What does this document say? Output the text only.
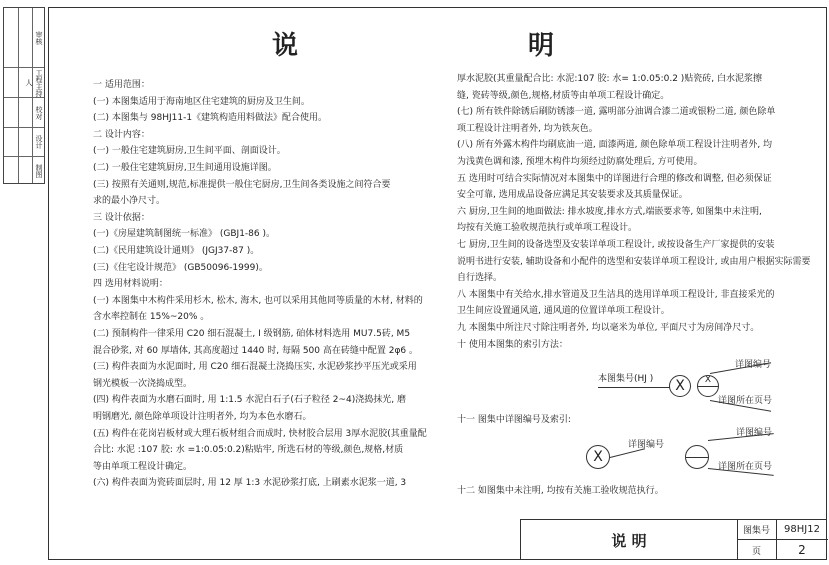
审核
工程主持人
校对
设计
制图
说	明
一 适用范围：
(一) 本图集适用于海南地区住宅建筑的厨房及卫生间。
(二) 本图集与 98HJ11-1《建筑构造用料做法》配合使用。
二 设计内容：
(一) 一般住宅建筑厨房,卫生间平面、剖面设计。
(二) 一般住宅建筑厨房,卫生间通用设施详图。
(三) 按照有关通则,规范,标准提供一般住宅厨房,卫生间各类设施之间符合要
求的最小净尺寸。
三 设计依据：
(一)《房屋建筑制图统一标准》 (GBJ1-86 )。
(二)《民用建筑设计通则》 (JGJ37-87 )。
(三)《住宅设计规范》 (GB50096-1999)。
四 选用材料说明：
(一) 本图集中木构件采用杉木, 松木, 海木, 也可以采用其他同等质量的木材, 材料的
含水率控制在 15%~20% 。
(二) 预制构件一律采用 C20 细石混凝土, Ⅰ 级钢筋, 砶体材料选用 MU7.5砖, M5
混合砂浆, 对 60 厚墙体, 其高度超过 1440 时, 每隔 500 高在砖缝中配置 2φ6 。
(三) 构件表面为水泥面时, 用 C20 细石混凝土浇捣压实, 水泥砂浆抄平压光或采用
钢光模板一次浇捣成型。
(四) 构件表面为水磨石面时, 用 1:1.5 水泥白石子(石子粒径 2~4)浇捣抹光, 磨
明钢磨光, 颜色除单项设计注明者外, 均为本色水磨石。
(五) 构件在花岗岩板材或大理石板材组合而成时, 快材胶合层用 3厚水泥胶(其重量配
合比: 水泥 :107 胶: 水 =1:0.05:0.2)粘贴牢, 所选石材的等级,颜色,规格,材质
等由单项工程设计确定。
(六) 构件表面为瓷砖面层时, 用 12 厚 1:3 水泥砂浆打底, 上刷素水泥浆一道, 3
厚水泥胶(其重量配合比: 水泥:107 胶: 水= 1:0.05:0.2 )贴瓷砖, 白水泥浆擦
缝, 瓷砖等级,颜色,规格,材质等由单项工程设计确定。
(七) 所有铁件除锈后刷防锈漆一道, 露明部分油调合漆二道或银粉二道, 颜色除单
项工程设计注明者外, 均为铁灰色。
(八) 所有外露木构件均刷底油一道, 面漆两道, 颜色除单项工程设计注明者外, 均
为浅黄色调和漆, 预埋木构件均须经过防腐处理后, 方可使用。
五 选用时可结合实际情况对本图集中的详图进行合理的修改和调整, 但必须保证
安全可靠, 选用成品设备应满足其安装要求及其质量保证。
六 厨房,卫生间的地面做法: 排水坡度,排水方式,端嵌要求等, 如图集中未注明,
均按有关施工验收规范执行或单项工程设计。
七 厨房,卫生间的设备选型及安装详单项工程设计, 或按设备生产厂家提供的安装
说明书进行安装, 辅助设备和小配件的选型和安装详单项工程设计, 或由用户根据实际需要
自行选择。
八 本图集中有关给水,排水管道及卫生洁具的选用详单项工程设计, 非直接采光的
卫生间应设置通风道, 通风道的位置详单项工程设计。
九 本图集中所注尺寸除注明者外, 均以毫米为单位, 平面尺寸为房间净尺寸。
十 使用本图集的索引方法：
本图集号(HJ )	X	X
详图编号
详图所在页号
十一 图集中详图编号及索引:
X
详图编号
详图编号
详图所在页号
十二 如图集中未注明, 均按有关施工验收规范执行。
说 明
图集号	98HJ12
页	2
